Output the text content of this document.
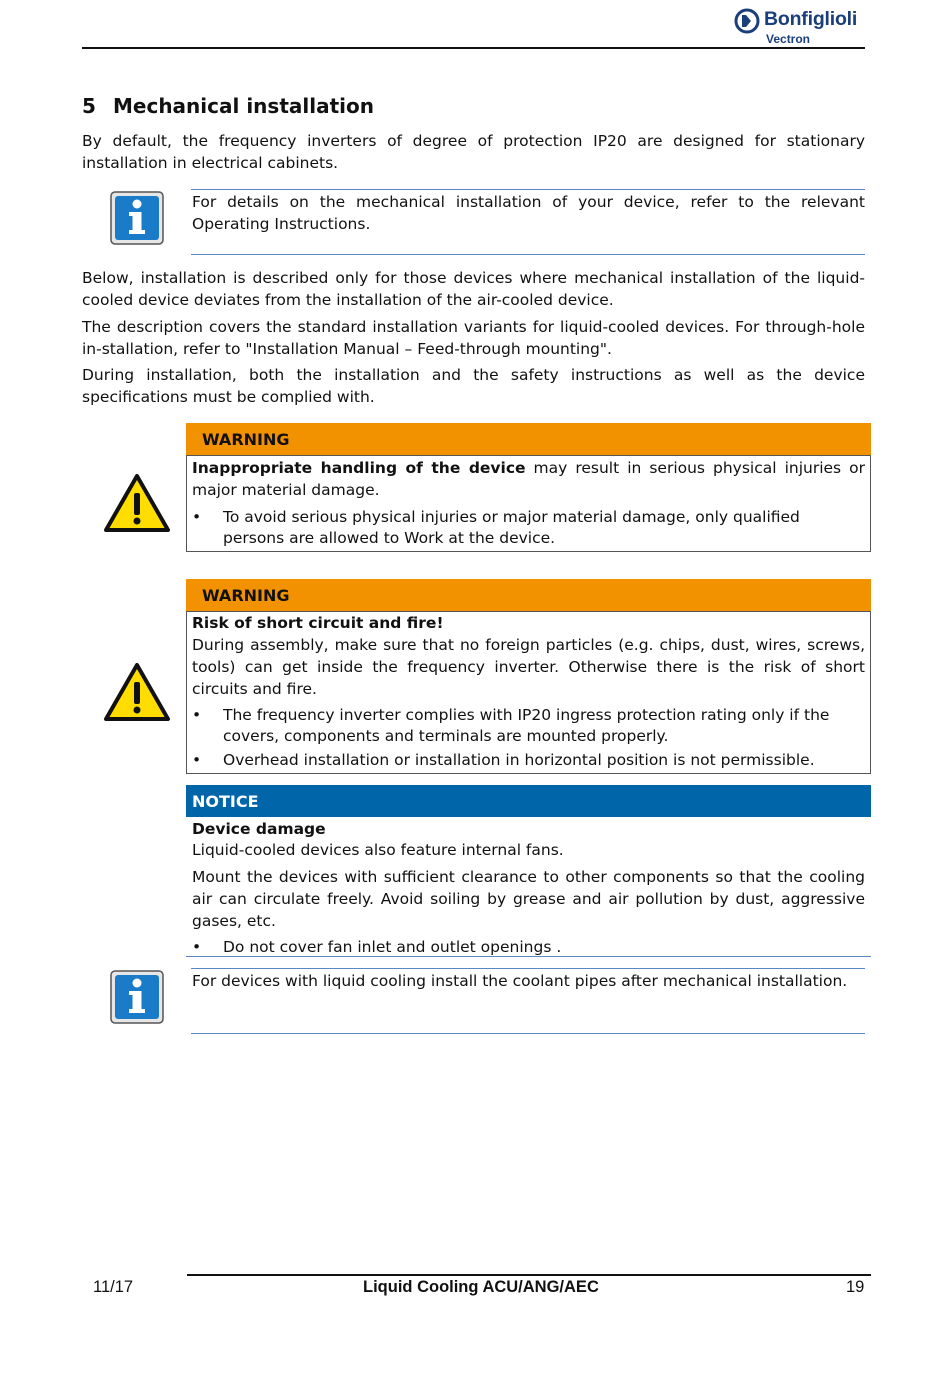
Bonfiglioli
Vectron
5 Mechanical installation

By default, the frequency inverters of degree of protection IP20 are designed for stationary installation in electrical cabinets.

For details on the mechanical installation of your device, refer to the relevant Operating Instructions.

Below, installation is described only for those devices where mechanical installation of the liquid-cooled device deviates from the installation of the air-cooled device.

The description covers the standard installation variants for liquid-cooled devices. For through-hole in-stallation, refer to "Installation Manual – Feed-through mounting".

During installation, both the installation and the safety instructions as well as the device specifications must be complied with.

WARNING

Inappropriate handling of the device may result in serious physical injuries or major material damage.

• To avoid serious physical injuries or major material damage, only qualified persons are allowed to Work at the device.
WARNING

Risk of short circuit and fire!

During assembly, make sure that no foreign particles (e.g. chips, dust, wires, screws, tools) can get inside the frequency inverter. Otherwise there is the risk of short circuits and fire.

• The frequency inverter complies with IP20 ingress protection rating only if the covers, components and terminals are mounted properly.
• Overhead installation or installation in horizontal position is not permissible.
NOTICE

Device damage

Liquid-cooled devices also feature internal fans.

Mount the devices with sufficient clearance to other components so that the cooling air can circulate freely. Avoid soiling by grease and air pollution by dust, aggressive gases, etc.

• Do not cover fan inlet and outlet openings .

For devices with liquid cooling install the coolant pipes after mechanical installation.

11/17	Liquid Cooling ACU/ANG/AEC	19
